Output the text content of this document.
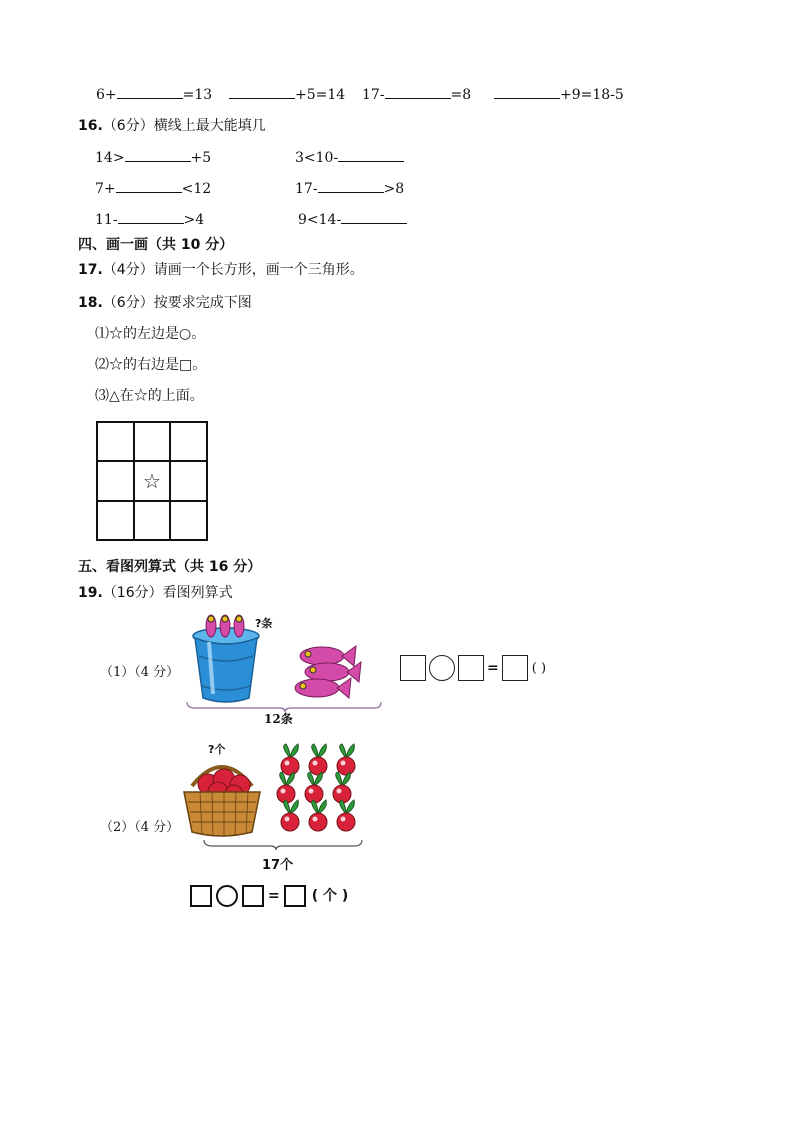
6+	=13	+5=14 17-	=8	+9=18-5
16.（6分）横线上最大能填几
14>	+5	3<10-
7+	<12	17-	>8
11-	>4	9<14-
四、画一画（共 10 分）
17.（4分）请画一个长方形，画一个三角形。
18.（6分）按要求完成下图
⑴☆的左边是○。
⑵☆的右边是□。
⑶△在☆的上面。
☆
五、看图列算式（共 16 分）
19.（16分）看图列算式
（1）（4 分）
?条
12条
=	( )
（2）（4 分）
?个
17个
= ( 个 )
